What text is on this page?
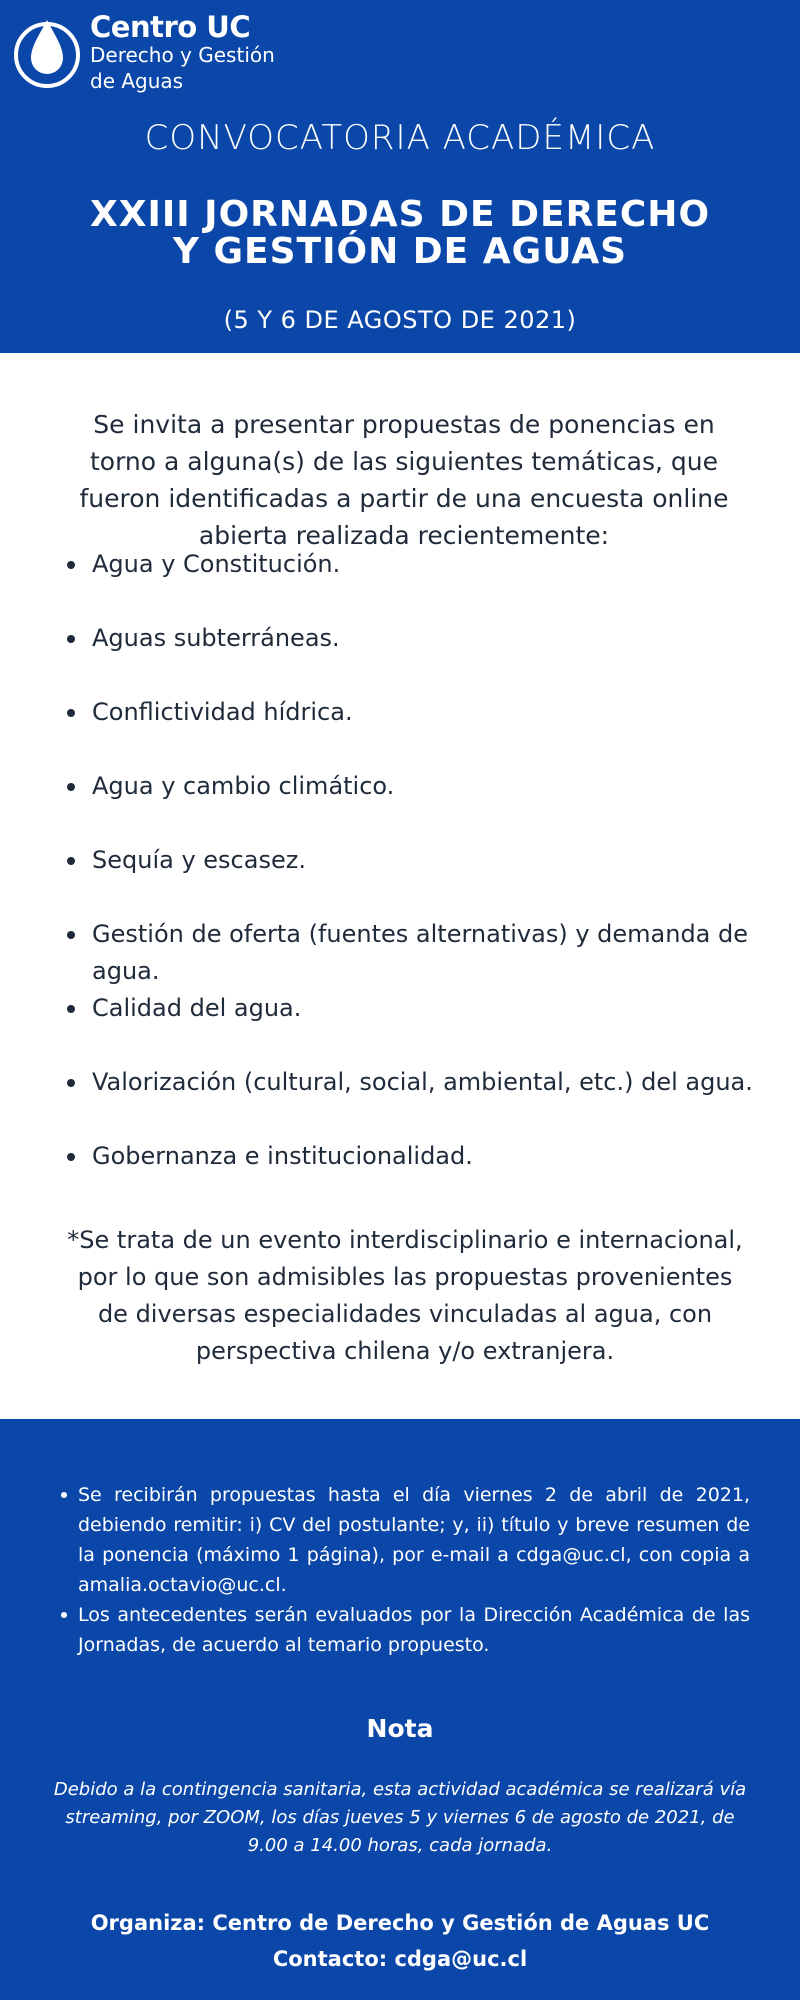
Centro UC
Derecho y Gestión
de Aguas
CONVOCATORIA ACADÉMICA
XXIII JORNADAS DE DERECHO
Y GESTIÓN DE AGUAS
(5 Y 6 DE AGOSTO DE 2021)
Se invita a presentar propuestas de ponencias en torno a alguna(s) de las siguientes temáticas, que fueron identificadas a partir de una encuesta online abierta realizada recientemente:
Agua y Constitución.
Aguas subterráneas.
Conflictividad hídrica.
Agua y cambio climático.
Sequía y escasez.
Gestión de oferta (fuentes alternativas) y demanda de agua.
Calidad del agua.
Valorización (cultural, social, ambiental, etc.) del agua.
Gobernanza e institucionalidad.
*Se trata de un evento interdisciplinario e internacional, por lo que son admisibles las propuestas provenientes de diversas especialidades vinculadas al agua, con perspectiva chilena y/o extranjera.
Se recibirán propuestas hasta el día viernes 2 de abril de 2021, debiendo remitir: i) CV del postulante; y, ii) título y breve resumen de la ponencia (máximo 1 página), por e-mail a cdga@uc.cl, con copia a amalia.octavio@uc.cl.
Los antecedentes serán evaluados por la Dirección Académica de las Jornadas, de acuerdo al temario propuesto.
Nota
Debido a la contingencia sanitaria, esta actividad académica se realizará vía streaming, por ZOOM, los días jueves 5 y viernes 6 de agosto de 2021, de 9.00 a 14.00 horas, cada jornada.
Organiza: Centro de Derecho y Gestión de Aguas UC
Contacto: cdga@uc.cl
